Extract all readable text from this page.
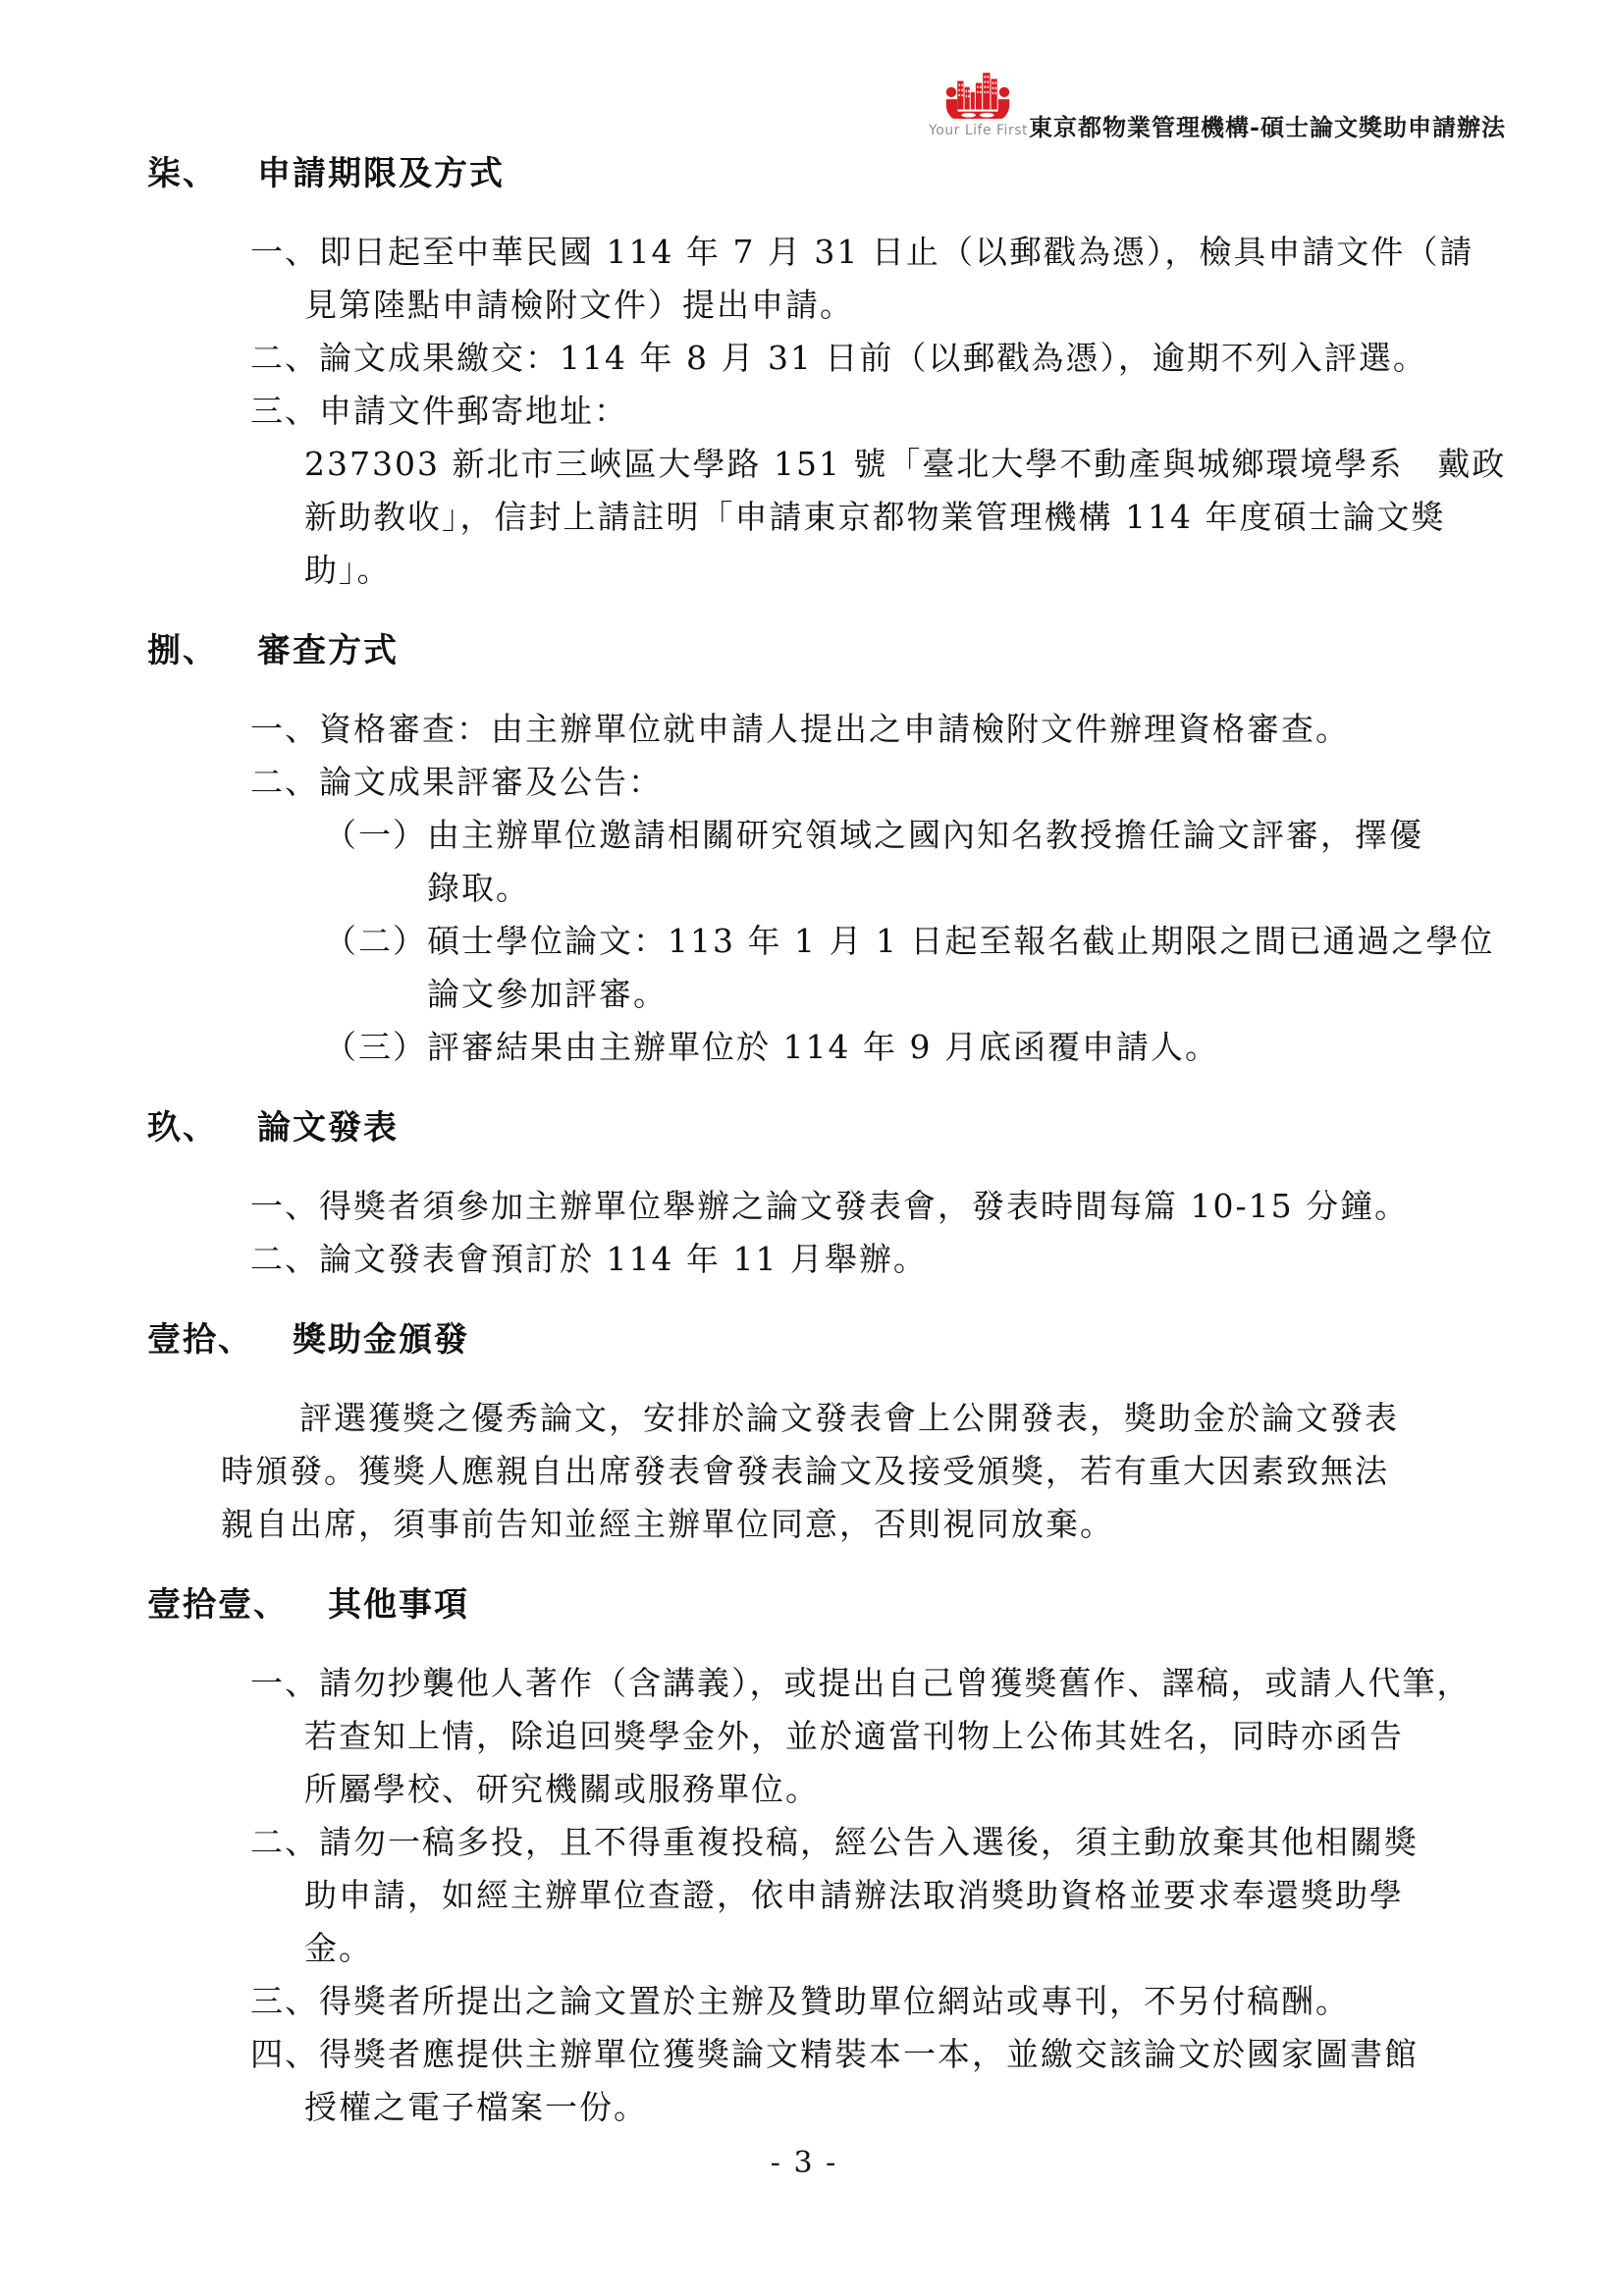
Your Life First 東京都物業管理機構-碩士論文獎助申請辦法
柒、 申請期限及方式
一、即日起至中華民國 114 年 7 月 31 日止（以郵戳為憑），檢具申請文件（請
見第陸點申請檢附文件）提出申請。
二、論文成果繳交：114 年 8 月 31 日前（以郵戳為憑），逾期不列入評選。
三、申請文件郵寄地址：
237303 新北市三峽區大學路 151 號「臺北大學不動產與城鄉環境學系　戴政
新助教收」，信封上請註明「申請東京都物業管理機構 114 年度碩士論文獎
助」。
捌、 審查方式
一、資格審查：由主辦單位就申請人提出之申請檢附文件辦理資格審查。
二、論文成果評審及公告：
（一）由主辦單位邀請相關研究領域之國內知名教授擔任論文評審，擇優
錄取。
（二）碩士學位論文：113 年 1 月 1 日起至報名截止期限之間已通過之學位
論文參加評審。
（三）評審結果由主辦單位於 114 年 9 月底函覆申請人。
玖、 論文發表
一、得獎者須參加主辦單位舉辦之論文發表會，發表時間每篇 10-15 分鐘。
二、論文發表會預訂於 114 年 11 月舉辦。
壹拾、 獎助金頒發
評選獲獎之優秀論文，安排於論文發表會上公開發表，獎助金於論文發表
時頒發。獲獎人應親自出席發表會發表論文及接受頒獎，若有重大因素致無法
親自出席，須事前告知並經主辦單位同意，否則視同放棄。
壹拾壹、 其他事項
一、請勿抄襲他人著作（含講義），或提出自己曾獲獎舊作、譯稿，或請人代筆，
若查知上情，除追回獎學金外，並於適當刊物上公佈其姓名，同時亦函告
所屬學校、研究機關或服務單位。
二、請勿一稿多投，且不得重複投稿，經公告入選後，須主動放棄其他相關獎
助申請，如經主辦單位查證，依申請辦法取消獎助資格並要求奉還獎助學
金。
三、得獎者所提出之論文置於主辦及贊助單位網站或專刊，不另付稿酬。
四、得獎者應提供主辦單位獲獎論文精裝本一本，並繳交該論文於國家圖書館
授權之電子檔案一份。
- 3 -
